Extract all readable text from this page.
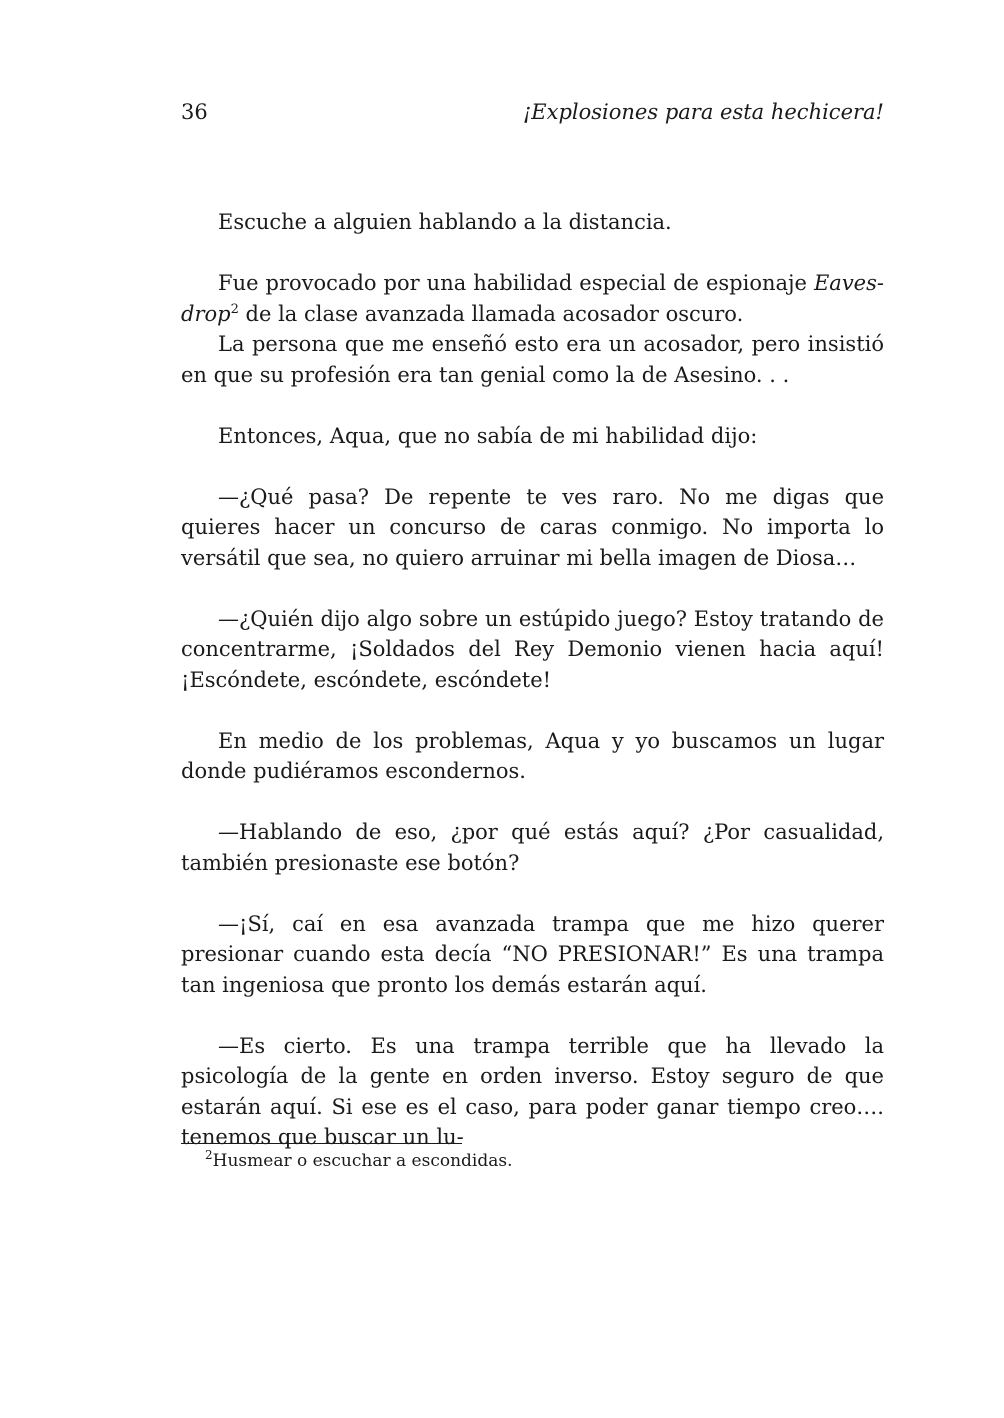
36	¡Explosiones para esta hechicera!

Escuche a alguien hablando a la distancia.

Fue provocado por una habilidad especial de espionaje Eavesdrop$^2$ de la clase avanzada llamada acosador oscuro.

La persona que me enseñó esto era un acosador, pero insistió en que su profesión era tan genial como la de Asesino. . .

Entonces, Aqua, que no sabía de mi habilidad dijo:

—¿Qué pasa? De repente te ves raro. No me digas que quieres hacer un concurso de caras conmigo. No importa lo versátil que sea, no quiero arruinar mi bella imagen de Diosa…

—¿Quién dijo algo sobre un estúpido juego? Estoy tratando de concentrarme, ¡Soldados del Rey Demonio vienen hacia aquí! ¡Escóndete, escóndete, escóndete!

En medio de los problemas, Aqua y yo buscamos un lugar donde pudiéramos escondernos.

—Hablando de eso, ¿por qué estás aquí? ¿Por casualidad, también presionaste ese botón?

—¡Sí, caí en esa avanzada trampa que me hizo querer presionar cuando esta decía “NO PRESIONAR!” Es una trampa tan ingeniosa que pronto los demás estarán aquí.

—Es cierto. Es una trampa terrible que ha llevado la psicología de la gente en orden inverso. Estoy seguro de que estarán aquí. Si ese es el caso, para poder ganar tiempo creo…. tenemos que buscar un lu-

$^2$Husmear o escuchar a escondidas.
